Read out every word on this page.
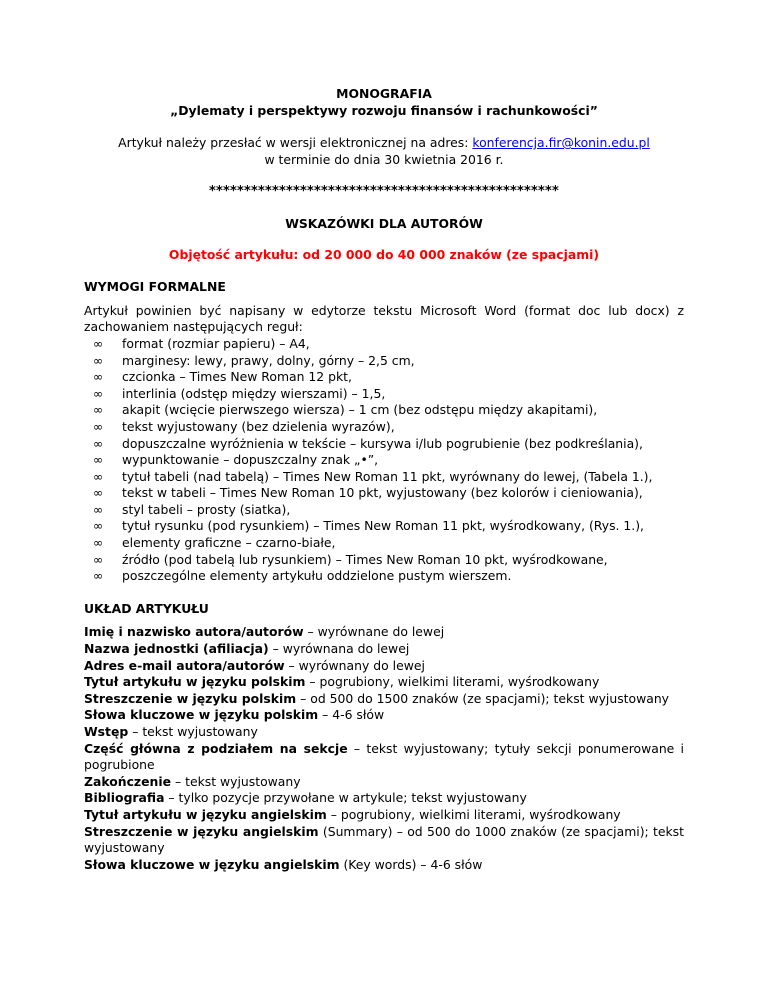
MONOGRAFIA
„Dylematy i perspektywy rozwoju finansów i rachunkowości”
Artykuł należy przesłać w wersji elektronicznej na adres: konferencja.fir@konin.edu.pl
w terminie do dnia 30 kwietnia 2016 r.
**************************************************
WSKAZÓWKI DLA AUTORÓW
Objętość artykułu: od 20 000 do 40 000 znaków (ze spacjami)
WYMOGI FORMALNE
Artykuł powinien być napisany w edytorze tekstu Microsoft Word (format doc lub docx) z zachowaniem następujących reguł:
∞	format (rozmiar papieru) – A4,
∞	marginesy: lewy, prawy, dolny, górny – 2,5 cm,
∞	czcionka – Times New Roman 12 pkt,
∞	interlinia (odstęp między wierszami) – 1,5,
∞	akapit (wcięcie pierwszego wiersza) – 1 cm (bez odstępu między akapitami),
∞	tekst wyjustowany (bez dzielenia wyrazów),
∞	dopuszczalne wyróżnienia w tekście – kursywa i/lub pogrubienie (bez podkreślania),
∞	wypunktowanie – dopuszczalny znak „•”,
∞	tytuł tabeli (nad tabelą) – Times New Roman 11 pkt, wyrównany do lewej, (Tabela 1.),
∞	tekst w tabeli – Times New Roman 10 pkt, wyjustowany (bez kolorów i cieniowania),
∞	styl tabeli – prosty (siatka),
∞	tytuł rysunku (pod rysunkiem) – Times New Roman 11 pkt, wyśrodkowany, (Rys. 1.),
∞	elementy graficzne – czarno-białe,
∞	źródło (pod tabelą lub rysunkiem) – Times New Roman 10 pkt, wyśrodkowane,
∞	poszczególne elementy artykułu oddzielone pustym wierszem.
UKŁAD ARTYKUŁU

Imię i nazwisko autora/autorów – wyrównane do lewej

Nazwa jednostki (afiliacja) – wyrównana do lewej

Adres e-mail autora/autorów – wyrównany do lewej

Tytuł artykułu w języku polskim – pogrubiony, wielkimi literami, wyśrodkowany

Streszczenie w języku polskim – od 500 do 1500 znaków (ze spacjami); tekst wyjustowany

Słowa kluczowe w języku polskim – 4-6 słów

Wstęp – tekst wyjustowany

Część główna z podziałem na sekcje – tekst wyjustowany; tytuły sekcji ponumerowane i pogrubione

Zakończenie – tekst wyjustowany

Bibliografia – tylko pozycje przywołane w artykule; tekst wyjustowany

Tytuł artykułu w języku angielskim – pogrubiony, wielkimi literami, wyśrodkowany

Streszczenie w języku angielskim (Summary) – od 500 do 1000 znaków (ze spacjami); tekst wyjustowany

Słowa kluczowe w języku angielskim (Key words) – 4-6 słów
